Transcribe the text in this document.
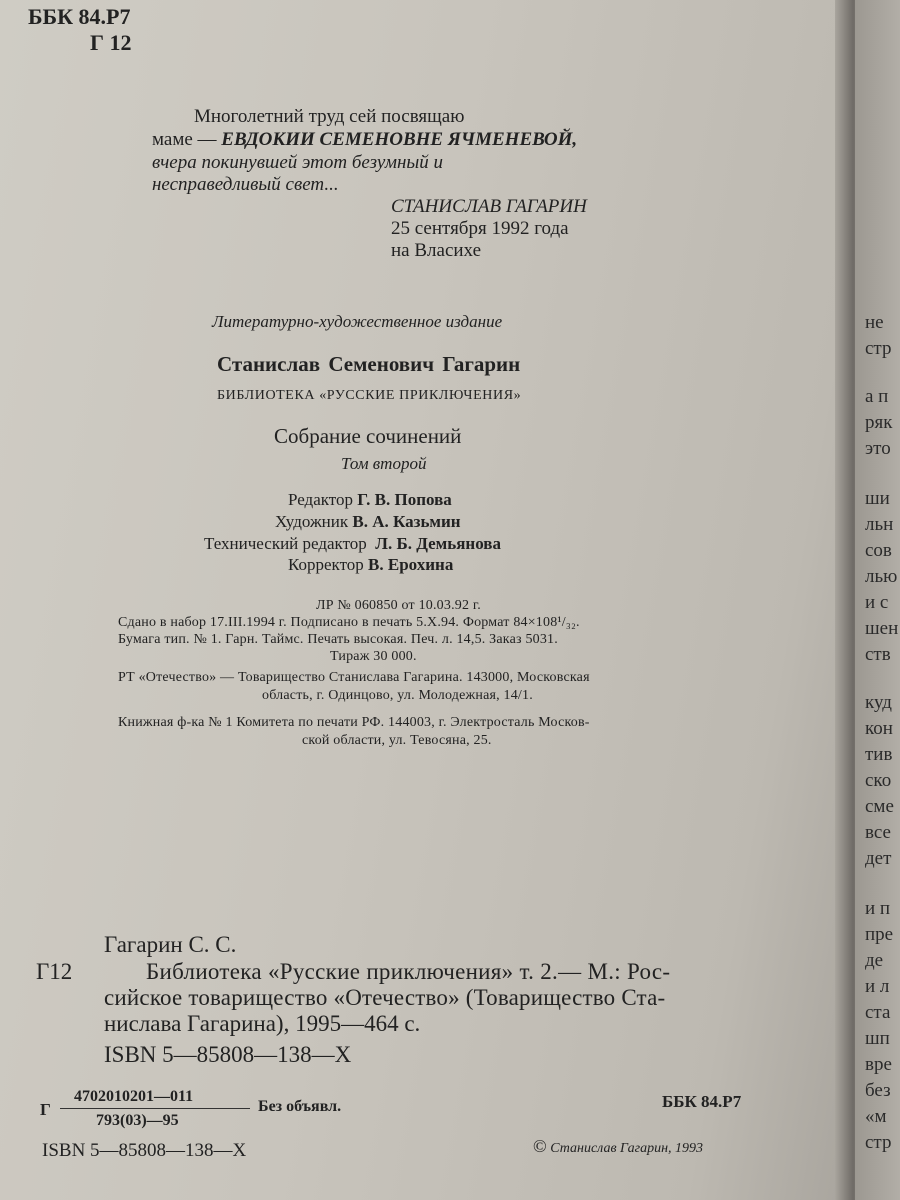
не
стр
а п
ряк
это
ши
льн
сов
лью
и с
шен
ств
куд
кон
тив
ско
сме
все
дет
и п
пре
де
и л
ста
шп
вре
без
«м
стр
ББК 84.Р7
Г 12
Многолетний труд сей посвящаю
маме — ЕВДОКИИ СЕМЕНОВНЕ ЯЧМЕНЕВОЙ,
вчера покинувшей этот безумный и
несправедливый свет...
СТАНИСЛАВ ГАГАРИН
25 сентября 1992 года
на Власихе
Литературно-художественное издание
Станислав Семенович Гагарин
БИБЛИОТЕКА «РУССКИЕ ПРИКЛЮЧЕНИЯ»
Собрание сочинений
Том второй
Редактор Г. В. Попова
Художник В. А. Казьмин
Технический редактор Л. Б. Демьянова
Корректор В. Ерохина
ЛР № 060850 от 10.03.92 г.
Сдано в набор 17.III.1994 г. Подписано в печать 5.X.94. Формат 84×108¹/₃₂.
Бумага тип. № 1. Гарн. Таймс. Печать высокая. Печ. л. 14,5. Заказ 5031.
Тираж 30 000.
РТ «Отечество» — Товарищество Станислава Гагарина. 143000, Московская
область, г. Одинцово, ул. Молодежная, 14/1.
Книжная ф-ка № 1 Комитета по печати РФ. 144003, г. Электросталь Москов-
ской области, ул. Тевосяна, 25.
Гагарин С. С.
Г12	Библиотека «Русские приключения» т. 2.— М.: Рос-
сийское товарищество «Отечество» (Товарищество Ста-
нислава Гагарина), 1995—464 с.
ISBN 5—85808—138—X
Г
4702010201—011
793(03)—95
Без объявл.	ББК 84.Р7
ISBN 5—85808—138—X	© Станислав Гагарин, 1993
